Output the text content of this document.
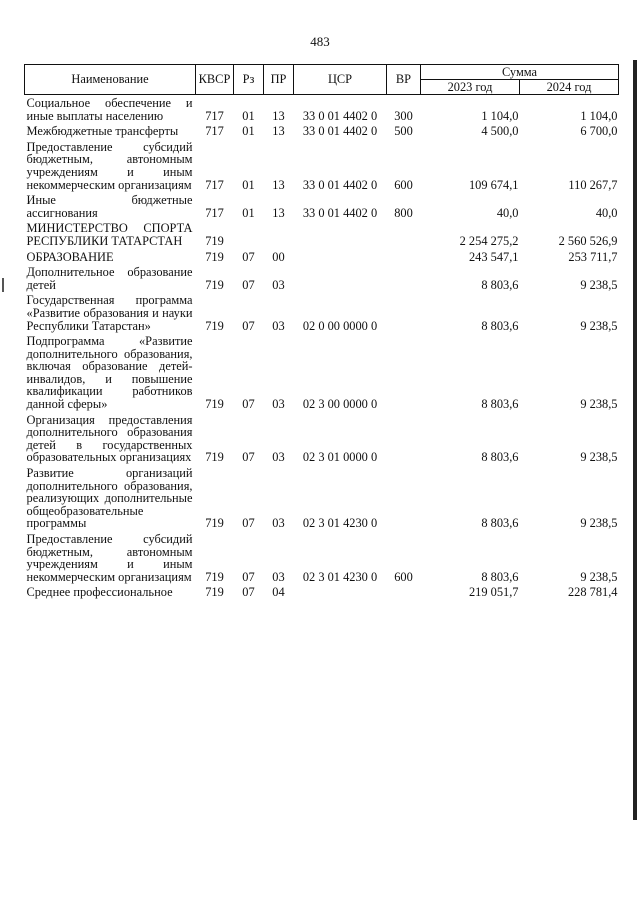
483
Наименование	КВСР	Рз	ПР	ЦСР	ВР	Сумма	
						2023 год	2024 год
Социальное обеспечение и иные выплаты населению	717	01	13	33 0 01 4402 0	300	1 104,0	1 104,0
Межбюджетные трансферты	717	01	13	33 0 01 4402 0	500	4 500,0	6 700,0
Предоставление субсидий бюджетным, автономным учреждениям и иным некоммерческим организациям	717	01	13	33 0 01 4402 0	600	109 674,1	110 267,7
Иные бюджетные ассигнования	717	01	13	33 0 01 4402 0	800	40,0	40,0
МИНИСТЕРСТВО СПОРТА РЕСПУБЛИКИ ТАТАРСТАН	719					2 254 275,2	2 560 526,9
ОБРАЗОВАНИЕ	719	07	00			243 547,1	253 711,7
Дополнительное образование детей	719	07	03			8 803,6	9 238,5
Государственная программа «Развитие образования и науки Республики Татарстан»	719	07	03	02 0 00 0000 0		8 803,6	9 238,5
Подпрограмма «Развитие дополнительного образования, включая образование детей-инвалидов, и повышение квалификации работников данной сферы»	719	07	03	02 3 00 0000 0		8 803,6	9 238,5
Организация предоставления дополнительного образования детей в государственных образовательных организациях	719	07	03	02 3 01 0000 0		8 803,6	9 238,5
Развитие организаций дополнительного образования, реализующих дополнительные общеобразовательные программы	719	07	03	02 3 01 4230 0		8 803,6	9 238,5
Предоставление субсидий бюджетным, автономным учреждениям и иным некоммерческим организациям	719	07	03	02 3 01 4230 0	600	8 803,6	9 238,5
Среднее профессиональное	719	07	04			219 051,7	228 781,4
